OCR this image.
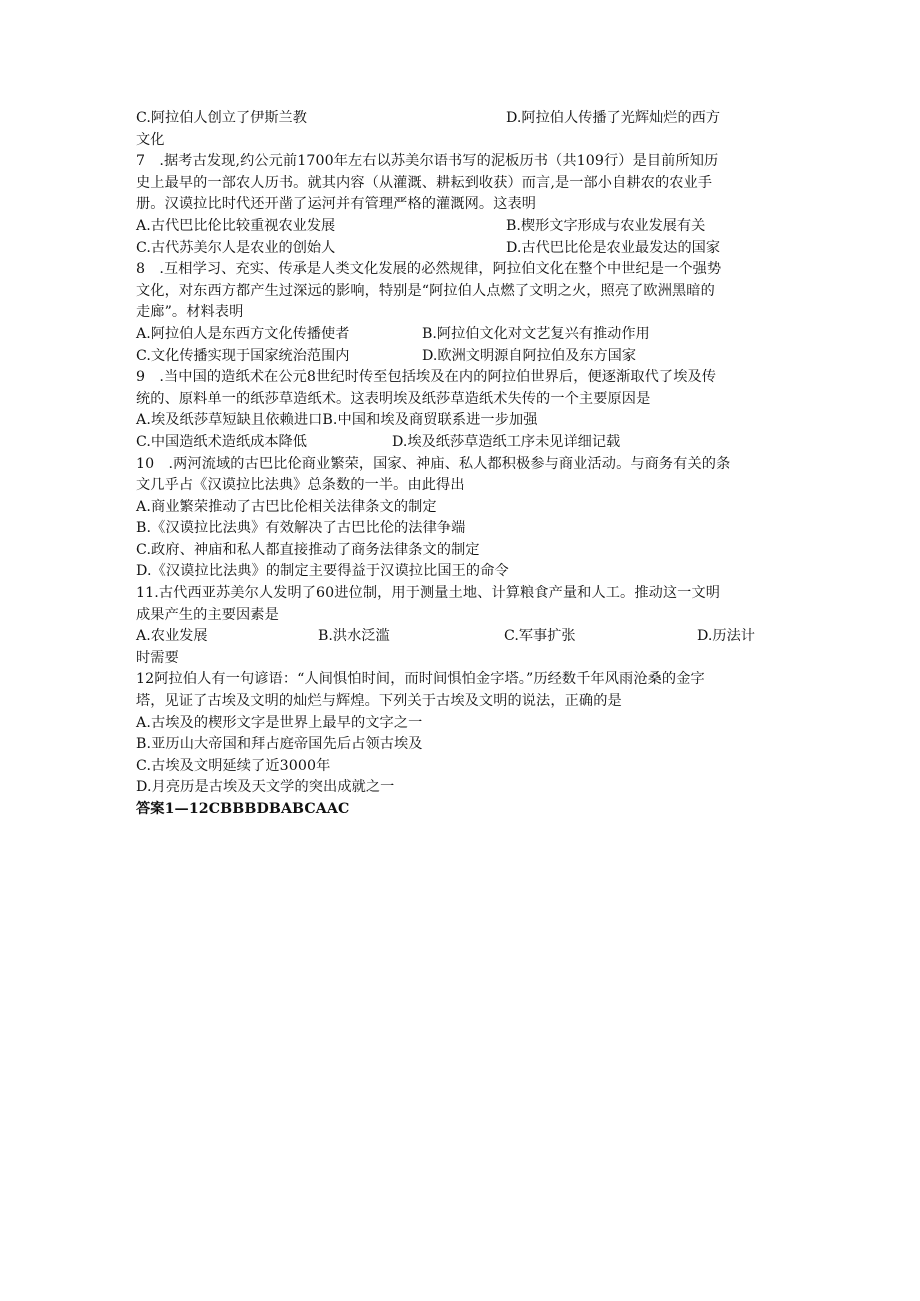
C.阿拉伯人创立了伊斯兰教	D.阿拉伯人传播了光辉灿烂的西方
文化
7　.据考古发现,约公元前1700年左右以苏美尔语书写的泥板历书（共109行）是目前所知历
史上最早的一部农人历书。就其内容（从灌溉、耕耘到收获）而言,是一部小自耕农的农业手
册。汉谟拉比时代还开凿了运河并有管理严格的灌溉网。这表明
A.古代巴比伦比较重视农业发展	B.楔形文字形成与农业发展有关
C.古代苏美尔人是农业的创始人	D.古代巴比伦是农业最发达的国家
8　.互相学习、充实、传承是人类文化发展的必然规律，阿拉伯文化在整个中世纪是一个强势
文化，对东西方都产生过深远的影响，特别是“阿拉伯人点燃了文明之火，照亮了欧洲黑暗的
走廊”。材料表明
A.阿拉伯人是东西方文化传播使者	B.阿拉伯文化对文艺复兴有推动作用
C.文化传播实现于国家统治范围内	D.欧洲文明源自阿拉伯及东方国家
9　.当中国的造纸术在公元8世纪时传至包括埃及在内的阿拉伯世界后，便逐渐取代了埃及传
统的、原料单一的纸莎草造纸术。这表明埃及纸莎草造纸术失传的一个主要原因是
A.埃及纸莎草短缺且依赖进口B.中国和埃及商贸联系进一步加强
C.中国造纸术造纸成本降低	D.埃及纸莎草造纸工序未见详细记载
10　.两河流域的古巴比伦商业繁荣，国家、神庙、私人都积极参与商业活动。与商务有关的条
文几乎占《汉谟拉比法典》总条数的一半。由此得出
A.商业繁荣推动了古巴比伦相关法律条文的制定
B.《汉谟拉比法典》有效解决了古巴比伦的法律争端
C.政府、神庙和私人都直接推动了商务法律条文的制定
D.《汉谟拉比法典》的制定主要得益于汉谟拉比国王的命令
11.古代西亚苏美尔人发明了60进位制，用于测量土地、计算粮食产量和人工。推动这一文明
成果产生的主要因素是
A.农业发展	B.洪水泛滥	C.军事扩张	D.历法计
时需要
12阿拉伯人有一句谚语：“人间惧怕时间，而时间惧怕金字塔。”历经数千年风雨沧桑的金字
塔，见证了古埃及文明的灿烂与辉煌。下列关于古埃及文明的说法，正确的是
A.古埃及的楔形文字是世界上最早的文字之一
B.亚历山大帝国和拜占庭帝国先后占领古埃及
C.古埃及文明延续了近3000年
D.月亮历是古埃及天文学的突出成就之一
答案1—12CBBBDBABCAAC
